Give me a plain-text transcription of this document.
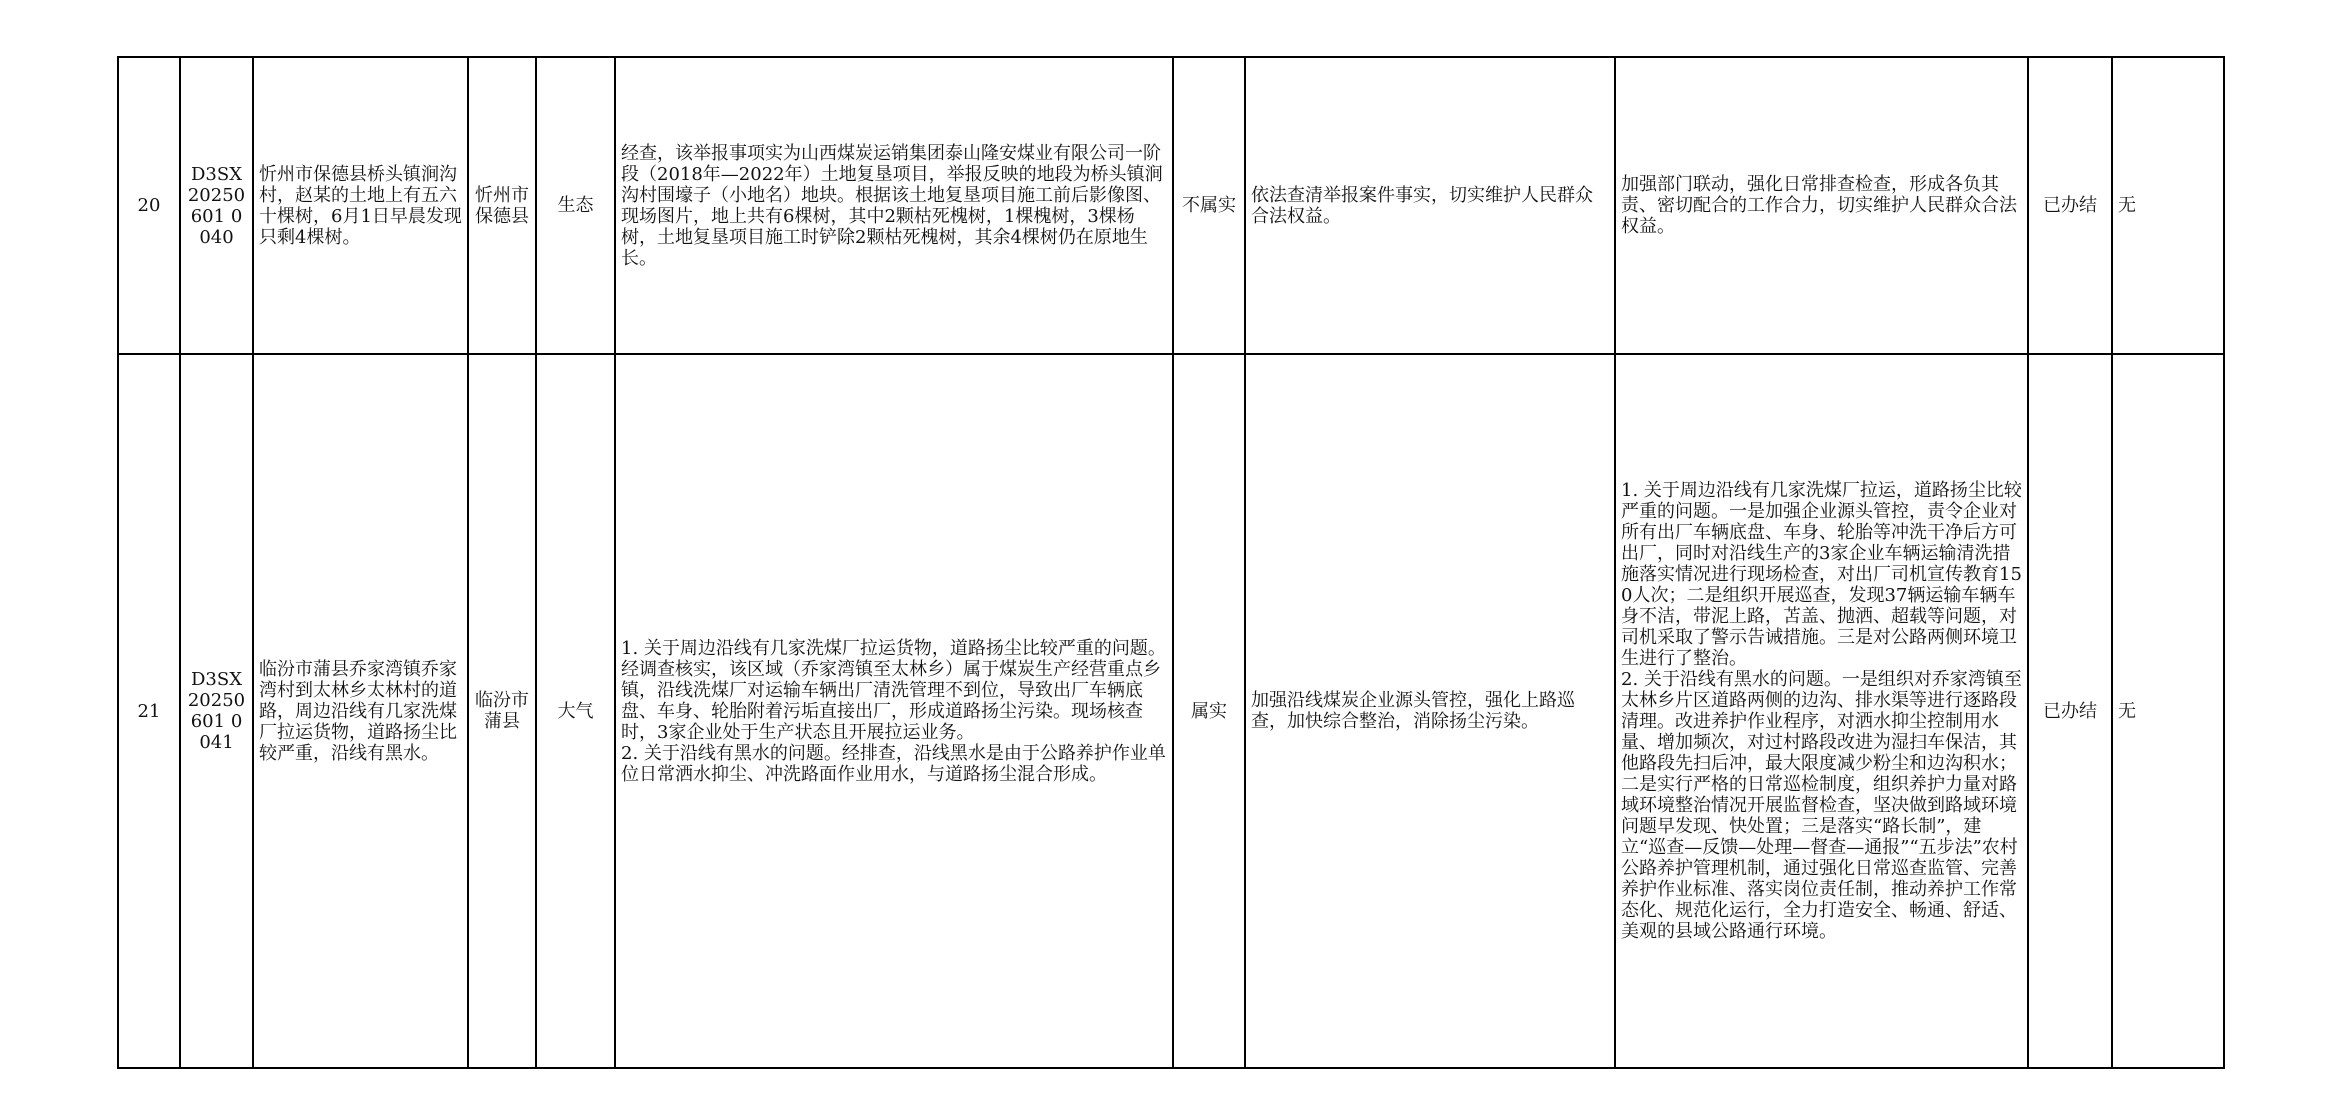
20	D3SX20250601 0040	忻州市保德县桥头镇涧沟村，赵某的土地上有五六十棵树，6月1日早晨发现只剩4棵树。	忻州市保德县	生态	经查，该举报事项实为山西煤炭运销集团泰山隆安煤业有限公司一阶段（2018年—2022年）土地复垦项目，举报反映的地段为桥头镇涧沟村围壕子（小地名）地块。根据该土地复垦项目施工前后影像图、现场图片，地上共有6棵树，其中2颗枯死槐树，1棵槐树，3棵杨树，土地复垦项目施工时铲除2颗枯死槐树，其余4棵树仍在原地生长。	不属实	依法查清举报案件事实，切实维护人民群众合法权益。	加强部门联动，强化日常排查检查，形成各负其责、密切配合的工作合力，切实维护人民群众合法权益。	已办结	无
21	D3SX20250601 0041	临汾市蒲县乔家湾镇乔家湾村到太林乡太林村的道路，周边沿线有几家洗煤厂拉运货物，道路扬尘比较严重，沿线有黑水。	临汾市蒲县	大气	1. 关于周边沿线有几家洗煤厂拉运货物，道路扬尘比较严重的问题。经调查核实，该区域（乔家湾镇至太林乡）属于煤炭生产经营重点乡镇，沿线洗煤厂对运输车辆出厂清洗管理不到位，导致出厂车辆底盘、车身、轮胎附着污垢直接出厂，形成道路扬尘污染。现场核查时，3家企业处于生产状态且开展拉运业务。
2. 关于沿线有黑水的问题。经排查，沿线黑水是由于公路养护作业单位日常洒水抑尘、冲洗路面作业用水，与道路扬尘混合形成。	属实	加强沿线煤炭企业源头管控，强化上路巡查，加快综合整治，消除扬尘污染。	1. 关于周边沿线有几家洗煤厂拉运，道路扬尘比较严重的问题。一是加强企业源头管控，责令企业对所有出厂车辆底盘、车身、轮胎等冲洗干净后方可出厂，同时对沿线生产的3家企业车辆运输清洗措施落实情况进行现场检查，对出厂司机宣传教育150人次；二是组织开展巡查，发现37辆运输车辆车身不洁，带泥上路，苫盖、抛洒、超载等问题，对司机采取了警示告诫措施。三是对公路两侧环境卫生进行了整治。
2. 关于沿线有黑水的问题。一是组织对乔家湾镇至太林乡片区道路两侧的边沟、排水渠等进行逐路段清理。改进养护作业程序，对洒水抑尘控制用水量、增加频次，对过村路段改进为湿扫车保洁，其他路段先扫后冲，最大限度减少粉尘和边沟积水；二是实行严格的日常巡检制度，组织养护力量对路域环境整治情况开展监督检查，坚决做到路域环境问题早发现、快处置；三是落实“路长制”，建立“巡查—反馈—处理—督查—通报”“五步法”农村公路养护管理机制，通过强化日常巡查监管、完善养护作业标准、落实岗位责任制，推动养护工作常态化、规范化运行，全力打造安全、畅通、舒适、美观的县域公路通行环境。	已办结	无
